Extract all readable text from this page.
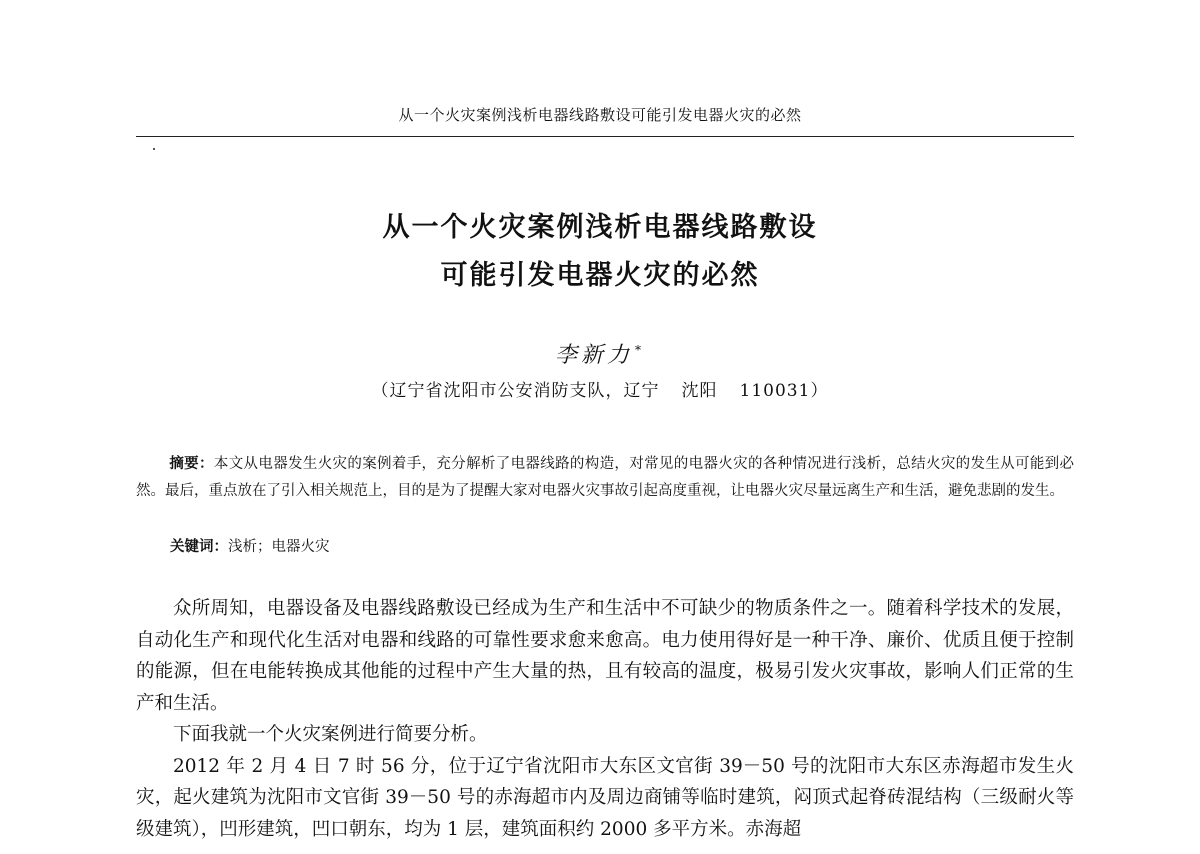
从一个火灾案例浅析电器线路敷设可能引发电器火灾的必然
从一个火灾案例浅析电器线路敷设
可能引发电器火灾的必然
李新力 *
（辽宁省沈阳市公安消防支队，辽宁 沈阳 110031）

摘要：本文从电器发生火灾的案例着手，充分解析了电器线路的构造，对常见的电器火灾的各种情况进行浅析，总结火灾的发生从可能到必然。最后，重点放在了引入相关规范上，目的是为了提醒大家对电器火灾事故引起高度重视，让电器火灾尽量远离生产和生活，避免悲剧的发生。

关键词：浅析；电器火灾

众所周知，电器设备及电器线路敷设已经成为生产和生活中不可缺少的物质条件之一。随着科学技术的发展，自动化生产和现代化生活对电器和线路的可靠性要求愈来愈高。电力使用得好是一种干净、廉价、优质且便于控制的能源，但在电能转换成其他能的过程中产生大量的热，且有较高的温度，极易引发火灾事故，影响人们正常的生产和生活。

下面我就一个火灾案例进行简要分析。

2012 年 2 月 4 日 7 时 56 分，位于辽宁省沈阳市大东区文官街 39－50 号的沈阳市大东区赤海超市发生火灾，起火建筑为沈阳市文官街 39－50 号的赤海超市内及周边商铺等临时建筑，闷顶式起脊砖混结构（三级耐火等级建筑），凹形建筑，凹口朝东，均为 1 层，建筑面积约 2000 多平方米。赤海超
